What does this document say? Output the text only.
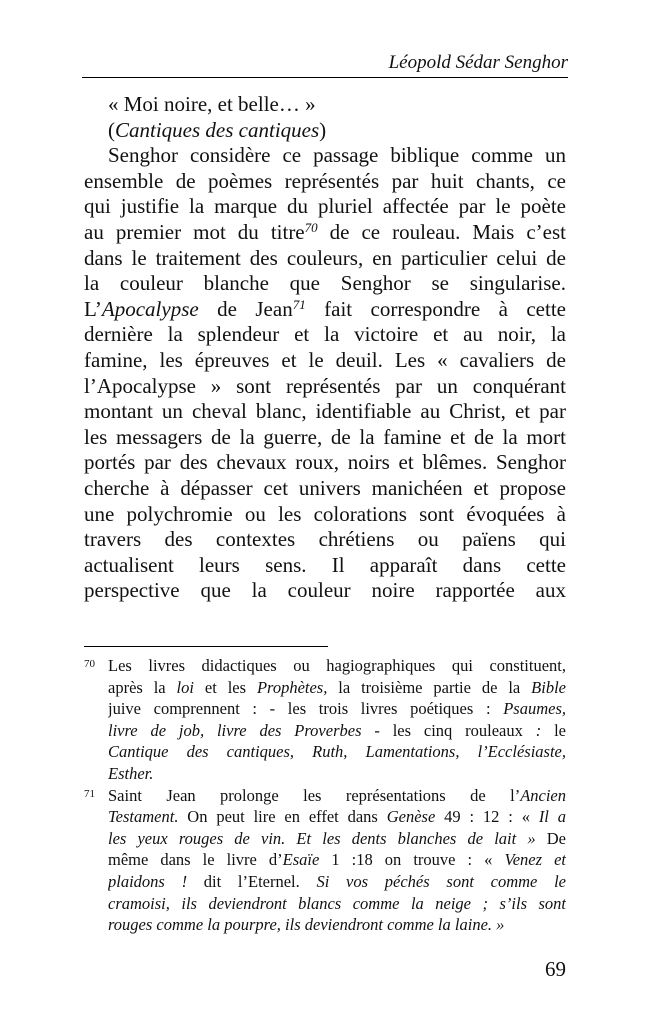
Léopold Sédar Senghor
« Moi noire, et belle… »
(Cantiques des cantiques)
Senghor considère ce passage biblique comme un
ensemble de poèmes représentés par huit chants, ce
qui justifie la marque du pluriel affectée par le poète
au premier mot du titre$^{70}$ de ce rouleau. Mais c’est
dans le traitement des couleurs, en particulier celui de
la couleur blanche que Senghor se singularise.
L’Apocalypse de Jean$^{71}$ fait correspondre à cette
dernière la splendeur et la victoire et au noir, la
famine, les épreuves et le deuil. Les « cavaliers de
l’Apocalypse » sont représentés par un conquérant
montant un cheval blanc, identifiable au Christ, et par
les messagers de la guerre, de la famine et de la mort
portés par des chevaux roux, noirs et blêmes. Senghor
cherche à dépasser cet univers manichéen et propose
une polychromie ou les colorations sont évoquées à
travers des contextes chrétiens ou païens qui
actualisent leurs sens. Il apparaît dans cette
perspective que la couleur noire rapportée aux
70 Les livres didactiques ou hagiographiques qui constituent,
après la loi et les Prophètes, la troisième partie de la Bible
juive comprennent : - les trois livres poétiques : Psaumes,
livre de job, livre des Proverbes - les cinq rouleaux : le
Cantique des cantiques, Ruth, Lamentations, l’Ecclésiaste,
Esther.
71 Saint Jean prolonge les représentations de l’Ancien
Testament. On peut lire en effet dans Genèse 49 : 12 : « Il a
les yeux rouges de vin. Et les dents blanches de lait » De
même dans le livre d’Esaïe 1 :18 on trouve : « Venez et
plaidons ! dit l’Eternel. Si vos péchés sont comme le
cramoisi, ils deviendront blancs comme la neige ; s’ils sont
rouges comme la pourpre, ils deviendront comme la laine. »
69
